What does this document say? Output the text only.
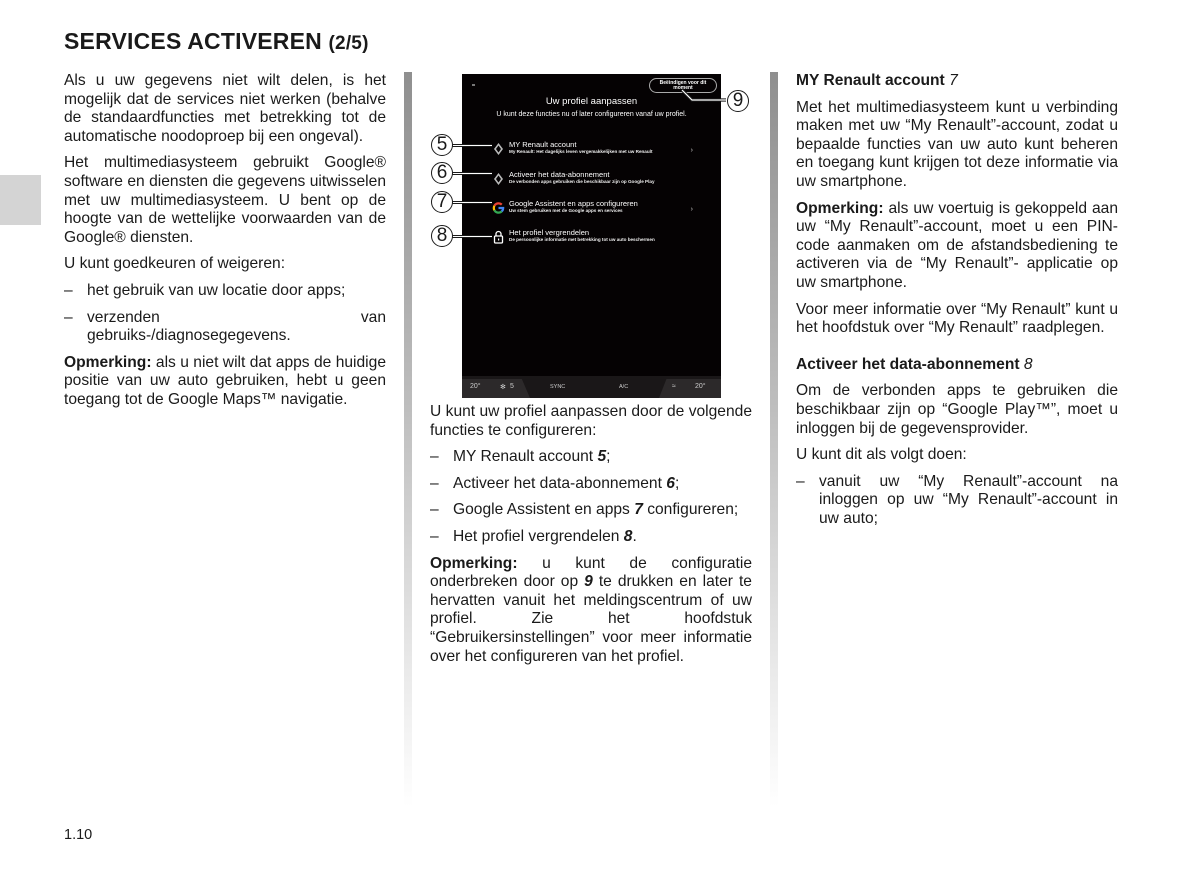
SERVICES ACTIVEREN (2/5)

Als u uw gegevens niet wilt delen, is het mogelijk dat de services niet werken (behalve de standaardfuncties met betrekking tot de automatische noodoproep bij een ongeval).

Het multimediasysteem gebruikt Google® software en diensten die gegevens uitwisselen met uw multimediasysteem. U bent op de hoogte van de wettelijke voorwaarden van de Google® diensten.

U kunt goedkeuren of weigeren:

– het gebruik van uw locatie door apps;
– verzenden van gebruiks-/diagnosegegevens.

Opmerking: als u niet wilt dat apps de huidige positie van uw auto gebruiken, hebt u geen toegang tot de Google Maps™ navigatie.

Beëindigen voor dit moment
Uw profiel aanpassen
U kunt deze functies nu of later configureren vanaf uw profiel.
MY Renault account
My Renault: Het dagelijks leven vergemakkelijken met uw Renault	›
Activeer het data-abonnement
De verbonden apps gebruiken die beschikbaar zijn op Google Play
Google Assistent en apps configureren
Uw stem gebruiken met de Google apps en services	›
Het profiel vergrendelen
De persoonlijke informatie met betrekking tot uw auto beschermen
20°	✻ 5	SYNC	A/C	≈	20°
5
6
7
8
9

U kunt uw profiel aanpassen door de volgende functies te configureren:

– MY Renault account 5;
– Activeer het data-abonnement 6;
– Google Assistent en apps 7 configureren;
– Het profiel vergrendelen 8.

Opmerking: u kunt de configuratie onderbreken door op 9 te drukken en later te hervatten vanuit het meldingscentrum of uw profiel. Zie het hoofdstuk “Gebruikersinstellingen” voor meer informatie over het configureren van het profiel.

MY Renault account 7

Met het multimediasysteem kunt u verbinding maken met uw “My Renault”-account, zodat u bepaalde functies van uw auto kunt beheren en toegang kunt krijgen tot deze informatie via uw smartphone.

Opmerking: als uw voertuig is gekoppeld aan uw “My Renault”-account, moet u een PIN-code aanmaken om de afstandsbediening te activeren via de “My Renault”- applicatie op uw smartphone.

Voor meer informatie over “My Renault” kunt u het hoofdstuk over “My Renault” raadplegen.

Activeer het data-abonnement 8

Om de verbonden apps te gebruiken die beschikbaar zijn op “Google Play™”, moet u inloggen bij de gegevensprovider.

U kunt dit als volgt doen:

– vanuit uw “My Renault”-account na inloggen op uw “My Renault”-account in uw auto;
1.10
